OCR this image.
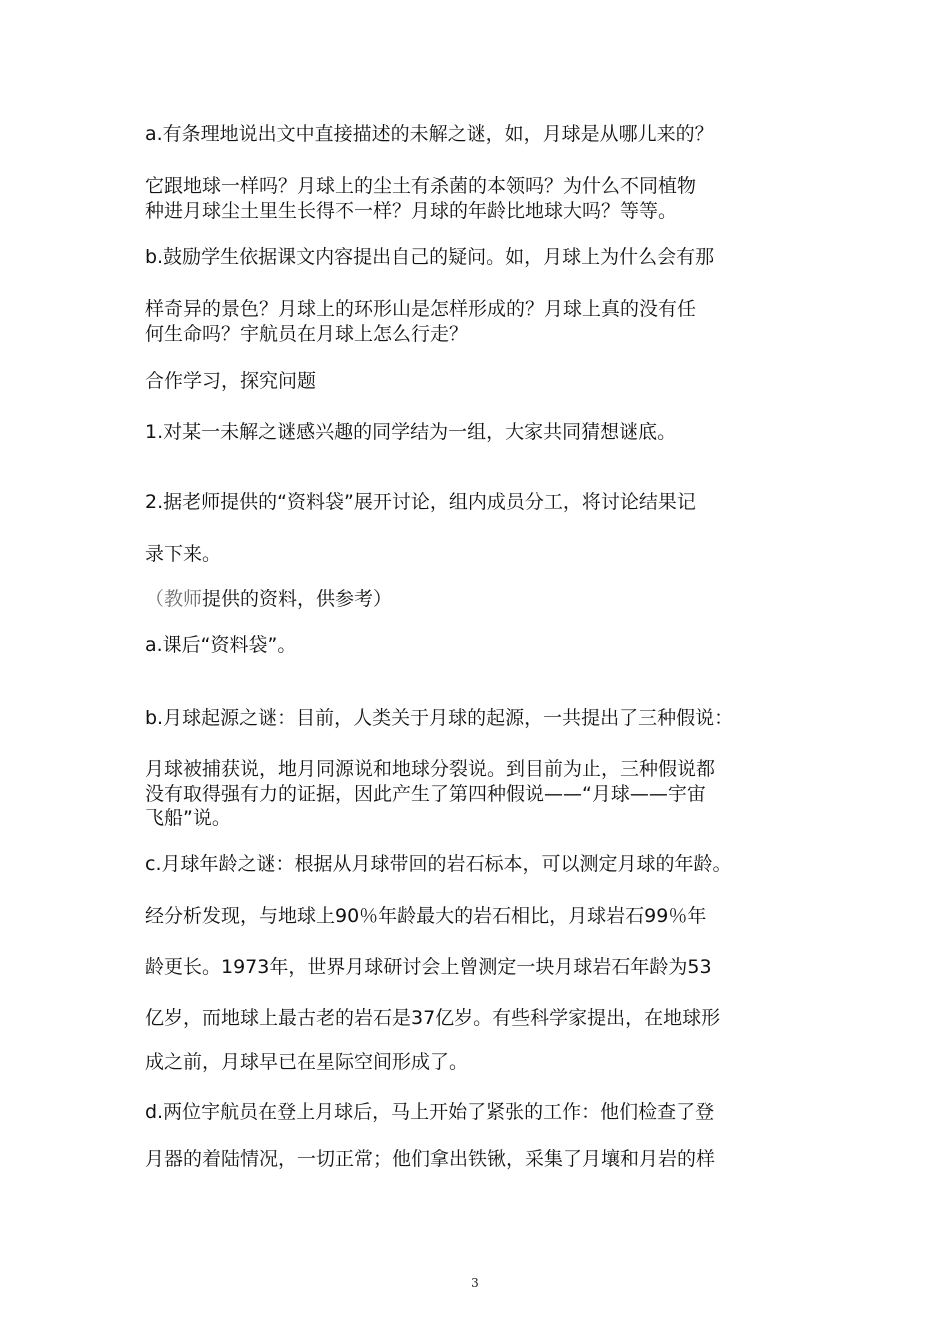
a.有条理地说出文中直接描述的未解之谜，如，月球是从哪儿来的？
它跟地球一样吗？月球上的尘土有杀菌的本领吗？为什么不同植物
种进月球尘土里生长得不一样？月球的年龄比地球大吗？等等。
b.鼓励学生依据课文内容提出自己的疑问。如，月球上为什么会有那
样奇异的景色？月球上的环形山是怎样形成的？月球上真的没有任
何生命吗？宇航员在月球上怎么行走？
合作学习，探究问题
1.对某一未解之谜感兴趣的同学结为一组，大家共同猜想谜底。
2.据老师提供的“资料袋”展开讨论，组内成员分工，将讨论结果记
录下来。
（教师提供的资料，供参考）
a.课后“资料袋”。
b.月球起源之谜：目前，人类关于月球的起源，一共提出了三种假说：
月球被捕获说，地月同源说和地球分裂说。到目前为止，三种假说都
没有取得强有力的证据，因此产生了第四种假说——“月球——宇宙
飞船”说。
c.月球年龄之谜：根据从月球带回的岩石标本，可以测定月球的年龄。
经分析发现，与地球上90％年龄最大的岩石相比，月球岩石99％年
龄更长。1973年，世界月球研讨会上曾测定一块月球岩石年龄为53
亿岁，而地球上最古老的岩石是37亿岁。有些科学家提出，在地球形
成之前，月球早已在星际空间形成了。
d.两位宇航员在登上月球后，马上开始了紧张的工作：他们检查了登
月器的着陆情况，一切正常；他们拿出铁锹，采集了月壤和月岩的样
3
